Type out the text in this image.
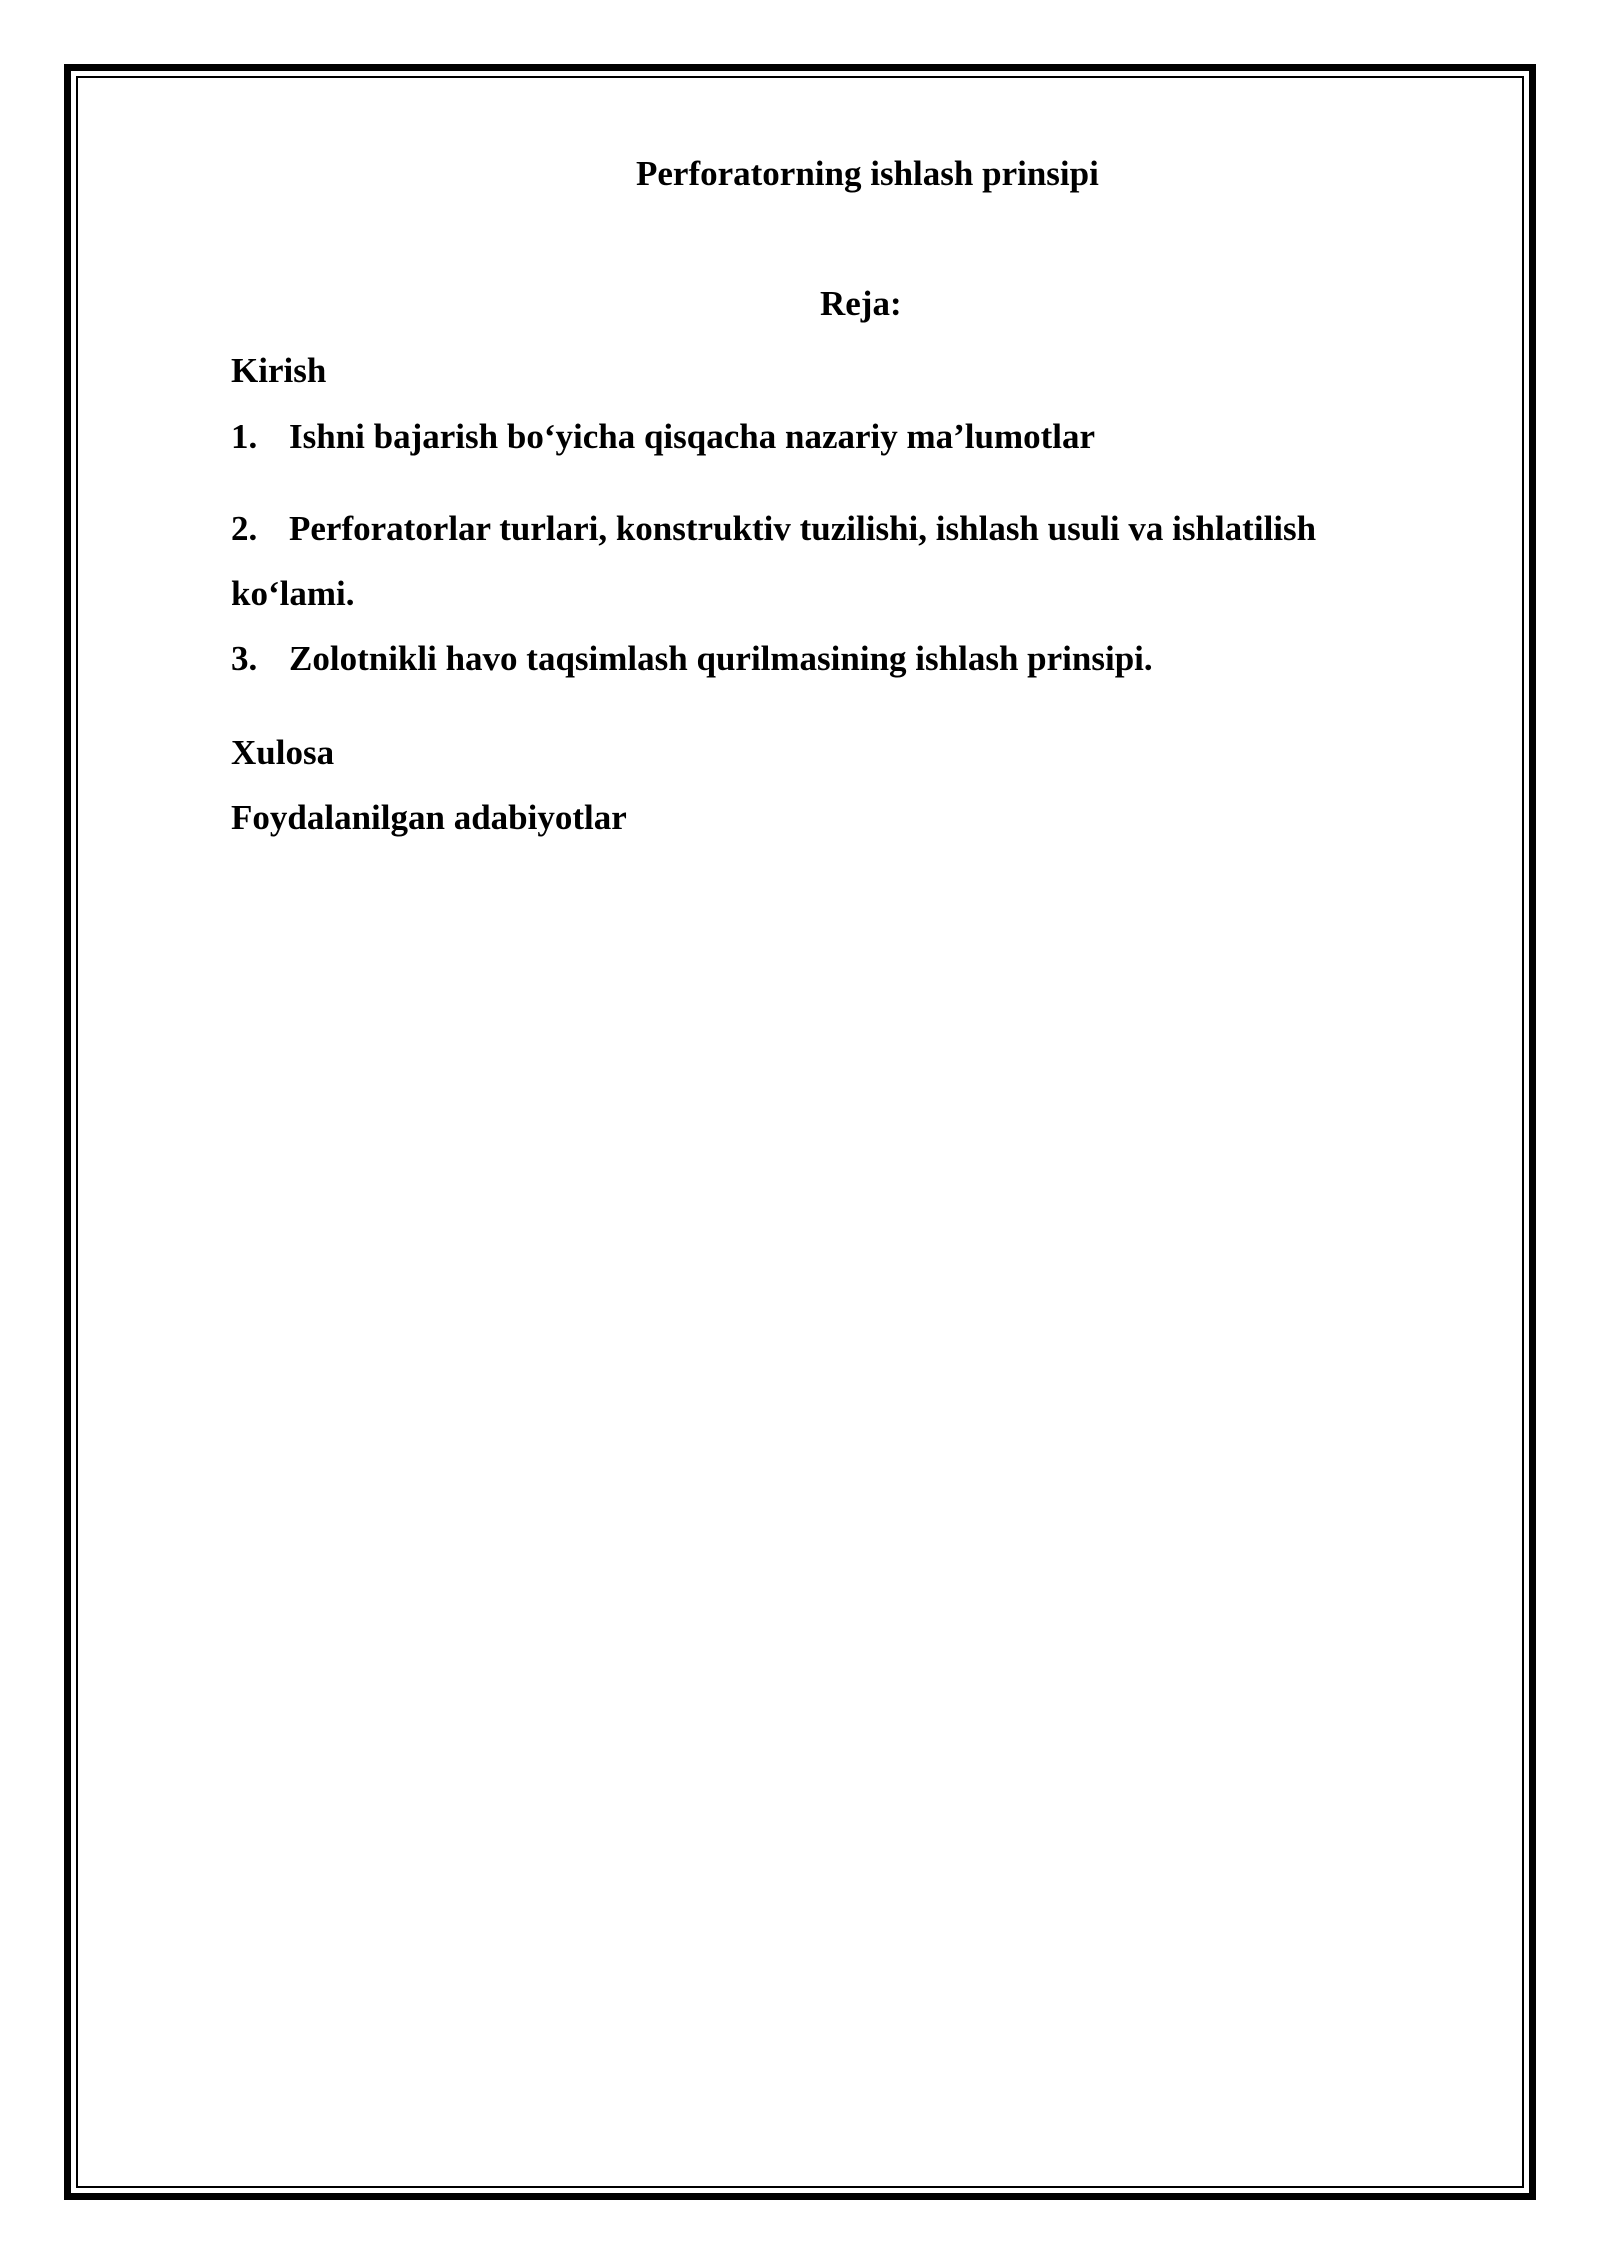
Perforatorning ishlash prinsipi
Reja:
Kirish
1. Ishni bajarish bo‘yicha qisqacha nazariy ma’lumotlar
2. Perforatorlar turlari, konstruktiv tuzilishi, ishlash usuli va ishlatilish
ko‘lami.
3. Zolotnikli havo taqsimlash qurilmasining ishlash prinsipi.
Xulosa
Foydalanilgan adabiyotlar
